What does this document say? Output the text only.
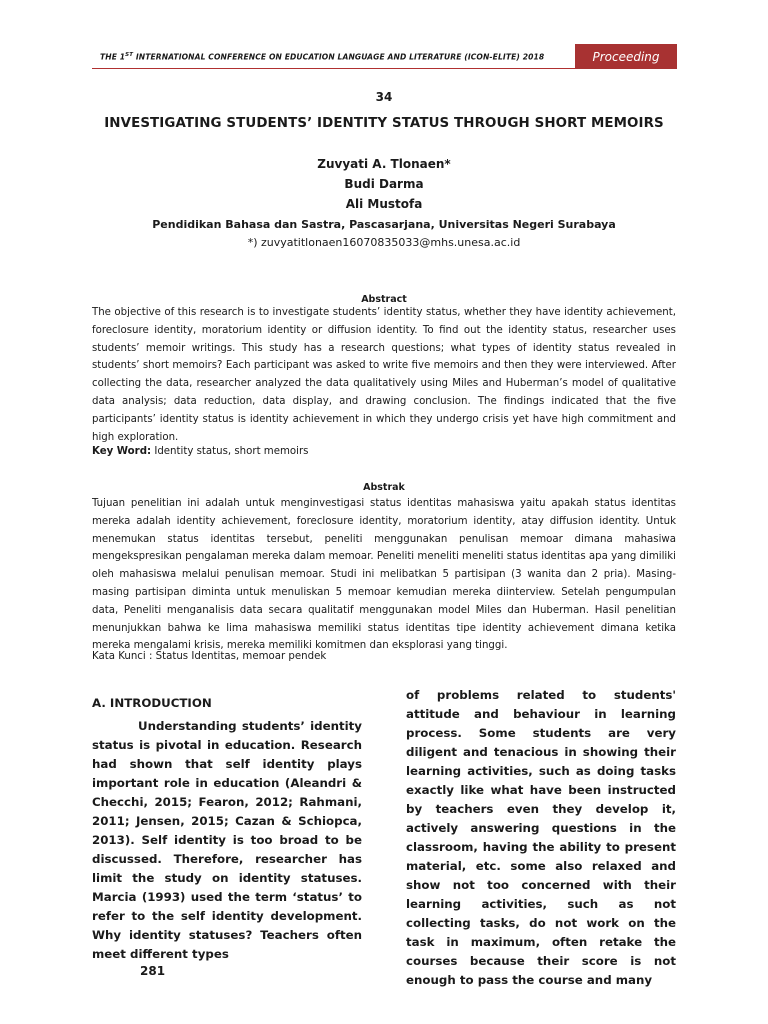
THE 1ST INTERNATIONAL CONFERENCE ON EDUCATION LANGUAGE AND LITERATURE (ICON-ELITE) 2018	Proceeding
34
INVESTIGATING STUDENTS’ IDENTITY STATUS THROUGH SHORT MEMOIRS
Zuvyati A. Tlonaen*
Budi Darma
Ali Mustofa
Pendidikan Bahasa dan Sastra, Pascasarjana, Universitas Negeri Surabaya
*) zuvyatitlonaen16070835033@mhs.unesa.ac.id
Abstract

The objective of this research is to investigate students’ identity status, whether they have identity achievement, foreclosure identity, moratorium identity or diffusion identity. To find out the identity status, researcher uses students’ memoir writings. This study has a research questions; what types of identity status revealed in students’ short memoirs? Each participant was asked to write five memoirs and then they were interviewed. After collecting the data, researcher analyzed the data qualitatively using Miles and Huberman’s model of qualitative data analysis; data reduction, data display, and drawing conclusion. The findings indicated that the five participants’ identity status is identity achievement in which they undergo crisis yet have high commitment and high exploration.

Key Word: Identity status, short memoirs
Abstrak

Tujuan penelitian ini adalah untuk menginvestigasi status identitas mahasiswa yaitu apakah status identitas mereka adalah identity achievement, foreclosure identity, moratorium identity, atay diffusion identity. Untuk menemukan status identitas tersebut, peneliti menggunakan penulisan memoar dimana mahasiwa mengekspresikan pengalaman mereka dalam memoar. Peneliti meneliti meneliti status identitas apa yang dimiliki oleh mahasiswa melalui penulisan memoar. Studi ini melibatkan 5 partisipan (3 wanita dan 2 pria). Masing-masing partisipan diminta untuk menuliskan 5 memoar kemudian mereka diinterview. Setelah pengumpulan data, Peneliti menganalisis data secara qualitatif menggunakan model Miles dan Huberman. Hasil penelitian menunjukkan bahwa ke lima mahasiswa memiliki status identitas tipe identity achievement dimana ketika mereka mengalami krisis, mereka memiliki komitmen dan eksplorasi yang tinggi.

Kata Kunci : Status Identitas, memoar pendek
A. INTRODUCTION

Understanding students’ identity status is pivotal in education. Research had shown that self identity plays important role in education (Aleandri & Checchi, 2015; Fearon, 2012; Rahmani, 2011; Jensen, 2015; Cazan & Schiopca, 2013). Self identity is too broad to be discussed. Therefore, researcher has limit the study on identity statuses. Marcia (1993) used the term ‘status’ to refer to the self identity development. Why identity statuses? Teachers often meet different types

of problems related to students' attitude and behaviour in learning process. Some students are very diligent and tenacious in showing their learning activities, such as doing tasks exactly like what have been instructed by teachers even they develop it, actively answering questions in the classroom, having the ability to present material, etc. some also relaxed and show not too concerned with their learning activities, such as not collecting tasks, do not work on the task in maximum, often retake the courses because their score is not enough to pass the course and many

281
